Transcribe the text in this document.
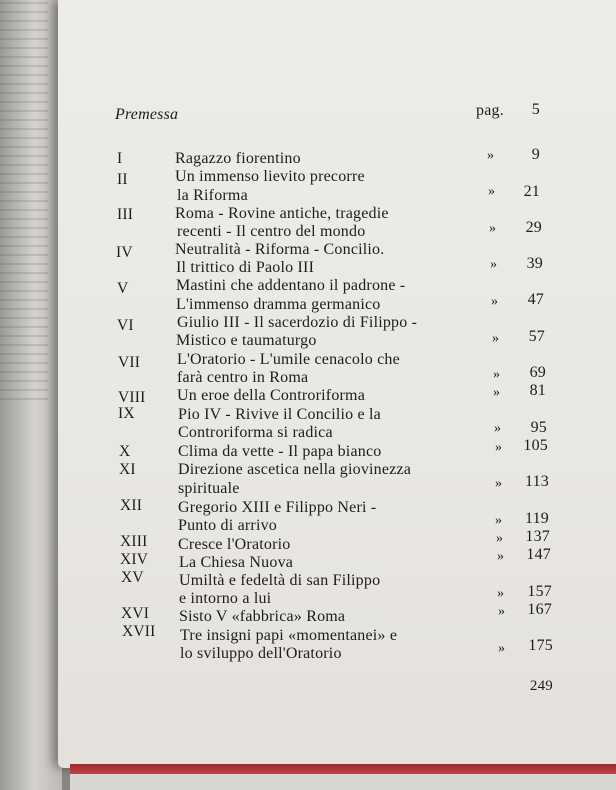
Premessa	pag.	5
I	Ragazzo fiorentino	»	9
II	Un immenso lievito precorre
la Riforma	»	21
III	Roma - Rovine antiche, tragedie
recenti - Il centro del mondo	»	29
IV	Neutralità - Riforma - Concilio.
Il trittico di Paolo III	»	39
V	Mastini che addentano il padrone -
L'immenso dramma germanico	»	47
VI	Giulio III - Il sacerdozio di Filippo -
Mistico e taumaturgo	»	57
VII L'Oratorio - L'umile cenacolo che
farà centro in Roma	»	69
VIII Un eroe della Controriforma	»	81
IX	Pio IV - Rivive il Concilio e la
Controriforma si radica	»	95
X	Clima da vette - Il papa bianco	»	105
XI	Direzione ascetica nella giovinezza
spirituale	»	113
XII Gregorio XIII e Filippo Neri -
Punto di arrivo	»	119
XIII Cresce l'Oratorio	»	137
XIV La Chiesa Nuova	»	147
XV Umiltà e fedeltà di san Filippo
e intorno a lui	»	157
XVI Sisto V «fabbrica» Roma	»	167
XVII Tre insigni papi «momentanei» e
lo sviluppo dell'Oratorio	»	175
249
